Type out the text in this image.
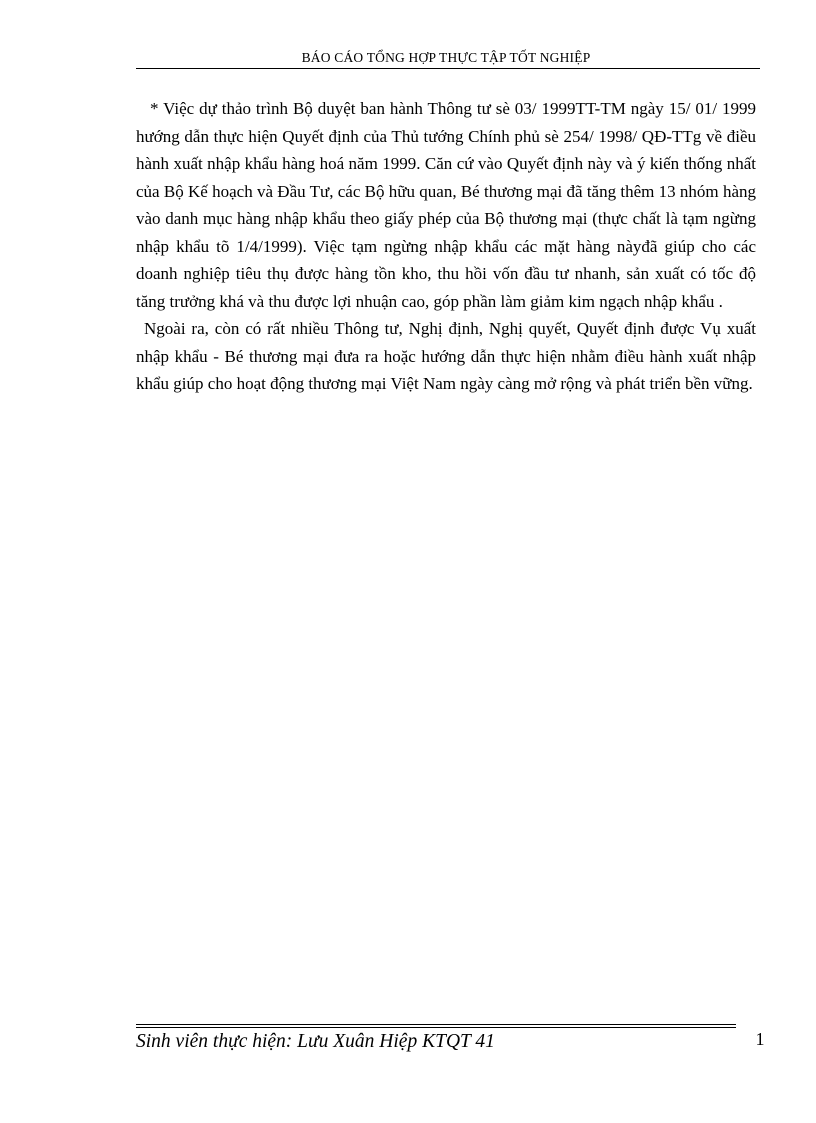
BÁO CÁO TỔNG HỢP THỰC TẬP TỐT NGHIỆP

* Việc dự thảo trình Bộ duyệt ban hành Thông tư sè 03/ 1999TT-TM ngày 15/ 01/ 1999 hướng dẫn thực hiện Quyết định của Thủ tướng Chính phủ sè 254/ 1998/ QĐ-TTg về điều hành xuất nhập khẩu hàng hoá năm 1999. Căn cứ vào Quyết định này và ý kiến thống nhất của Bộ Kế hoạch và Đầu Tư, các Bộ hữu quan, Bé thương mại đã tăng thêm 13 nhóm hàng vào danh mục hàng nhập khẩu theo giấy phép của Bộ thương mại (thực chất là tạm ngừng nhập khẩu tõ 1/4/1999). Việc tạm ngừng nhập khẩu các mặt hàng nàyđã giúp cho các doanh nghiệp tiêu thụ được hàng tồn kho, thu hồi vốn đầu tư nhanh, sản xuất có tốc độ tăng trưởng khá và thu được lợi nhuận cao, góp phần làm giảm kim ngạch nhập khẩu .

Ngoài ra, còn có rất nhiều Thông tư, Nghị định, Nghị quyết, Quyết định được Vụ xuất nhập khẩu - Bé thương mại đưa ra hoặc hướng dẫn thực hiện nhằm điều hành xuất nhập khẩu giúp cho hoạt động thương mại Việt Nam ngày càng mở rộng và phát triển bền vững.

Sinh viên thực hiện: Lưu Xuân Hiệp KTQT 41	1
